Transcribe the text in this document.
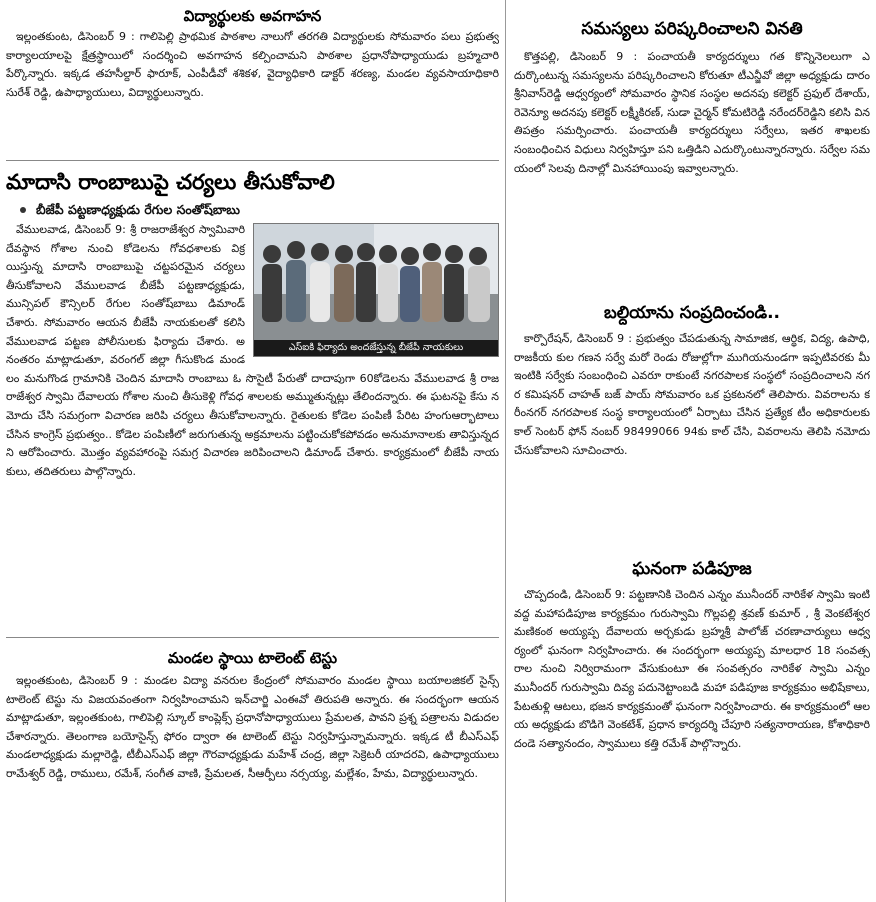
విద్యార్థులకు అవగాహన

ఇల్లంతకుంట, డిసెంబర్ 9 : గాలిపెల్లి ప్రాథమిక పాఠశాల నాలుగో తరగతి విద్యార్థులకు సోమవారం పలు ప్రభుత్వ కార్యాలయాలపై క్షేత్రస్థాయిలో సందర్శించి అవగాహన కల్పించామని పాఠశాల ప్రధానోపాధ్యాయుడు బ్రహ్మచారి పేర్కొన్నారు. ఇక్కడ తహసీల్దార్ ఫారూక్, ఎంపీడీవో శశికళ, వైద్యాధికారి డాక్టర్ శరణ్య, మండల వ్యవసాయాధికారి సురేశ్ రెడ్డి, ఉపాధ్యాయులు, విద్యార్థులున్నారు.

మాదాసి రాంబాబుపై చర్యలు తీసుకోవాలి
బీజేపీ పట్టణాధ్యక్షుడు రేగుల సంతోష్‌బాబు
ఎస్‌ఐకి ఫిర్యాదు అందజేస్తున్న బీజేపీ నాయకులు

వేములవాడ, డిసెంబర్ 9: శ్రీ రాజరాజేశ్వర స్వామివారి దేవస్థాన గోశాల నుంచి కోడెలను గోవధశాలకు విక్రయిస్తున్న మాదాసి రాంబాబుపై చట్టపరమైన చర్యలు తీసుకోవాలని వేములవాడ బీజేపీ పట్టణాధ్యక్షుడు, మున్సిపల్ కౌన్సిలర్ రేగుల సంతోష్‌బాబు డిమాండ్ చేశారు. సోమవారం ఆయన బీజేపీ నాయకులతో కలిసి వేములవాడ పట్టణ పోలీసులకు ఫిర్యాదు చేశారు. అనంతరం మాట్లాడుతూ, వరంగల్ జిల్లా గీసుకొండ మండలం మనుగొండ గ్రామానికి చెందిన మాదాసి రాంబాబు ఓ సొసైటీ పేరుతో దాదాపుగా 60కోడెలను వేములవాడ శ్రీ రాజరాజేశ్వర స్వామి దేవాలయ గోశాల నుంచి తీసుకెళ్లి గోవధ శాలలకు అమ్ముతున్నట్లు తేలిందన్నారు. ఈ ఘటనపై కేసు నమోదు చేసి సమగ్రంగా విచారణ జరిపి చర్యలు తీసుకోవాలన్నారు. రైతులకు కోడెల పంపిణీ పేరిట హంగుఆర్భాటాలు చేసిన కాంగ్రెస్ ప్రభుత్వం.. కోడెల పంపిణీలో జరుగుతున్న అక్రమాలను పట్టించుకోకపోవడం అనుమానాలకు తావిస్తున్నదని ఆరోపించారు. మొత్తం వ్యవహారంపై సమగ్ర విచారణ జరిపించాలని డిమాండ్ చేశారు. కార్యక్రమంలో బీజేపీ నాయకులు, తదితరులు పాల్గొన్నారు.

మండల స్థాయి టాలెంట్ టెస్టు

ఇల్లంతకుంట, డిసెంబర్ 9 : మండల విద్యా వనరుల కేంద్రంలో సోమవారం మండల స్థాయి బయాలజికల్ సైన్స్ టాలెంట్ టెస్టు ను విజయవంతంగా నిర్వహించామని ఇన్‌చార్జి ఎంఈవో తిరుపతి అన్నారు. ఈ సందర్భంగా ఆయన మాట్లాడుతూ, ఇల్లంతకుంట, గాలిపెల్లి స్కూల్ కాంప్లెక్స్ ప్రధానోపాధ్యాయులు ప్రేమలత, పావని ప్రశ్న పత్రాలను విడుదల చేశారన్నారు. తెలంగాణ బయోసైన్స్ ఫోరం ద్వారా ఈ టాలెంట్ టెస్టు నిర్వహిస్తున్నామన్నారు. ఇక్కడ టీ బీఎస్‌ఎఫ్ మండలాధ్యక్షుడు మల్లారెడ్డి, టీబీఎస్‌ఎఫ్ జిల్లా గౌరవాధ్యక్షుడు మహేశ్ చంద్ర, జిల్లా సెక్రెటరీ యాదరవి, ఉపాధ్యాయులు రామేశ్వర్ రెడ్డి, రాములు, రమేశ్, సంగీత వాణి, ప్రేమలత, సీఆర్పీలు నర్సయ్య, మల్లేశం, హేమ, విద్యార్థులున్నారు.

సమస్యలు పరిష్కరించాలని వినతి

కొత్తపల్లి, డిసెంబర్ 9 : పంచాయతీ కార్యదర్శులు గత కొన్నినెలలుగా ఎదుర్కొంటున్న సమస్యలను పరిష్కరించాలని కోరుతూ టీఎన్జీవో జిల్లా అధ్యక్షుడు దారం శ్రీనివాస్‌రెడ్డి ఆధ్వర్యంలో సోమవారం స్థానిక సంస్థల అదనపు కలెక్టర్ ప్రఫుల్ దేశాయ్, రెవెన్యూ అదనపు కలెక్టర్ లక్ష్మీకిరణ్, సుడా చైర్మన్ కోమటిరెడ్డి నరేందర్‌రెడ్డిని కలిసి వినతిపత్రం సమర్పించారు. పంచాయతీ కార్యదర్శులు సర్వేలు, ఇతర శాఖలకు సంబంధించిన విధులు నిర్వహిస్తూ పని ఒత్తిడిని ఎదుర్కొంటున్నారన్నారు. సర్వేల సమయంలో సెలవు దినాల్లో మినహాయింపు ఇవ్వాలన్నారు.

బల్దియాను సంప్రదించండి..

కార్పొరేషన్, డిసెంబర్ 9 : ప్రభుత్వం చేపడుతున్న సామాజిక, ఆర్థిక, విద్య, ఉపాధి, రాజకీయ కుల గణన సర్వే మరో రెండు రోజుల్లోగా ముగియనుండగా ఇప్పటివరకు మీ ఇంటికి సర్వేకు సంబంధించి ఎవరూ రాకుంటే నగరపాలక సంస్థలో సంప్రదించాలని నగర కమిషనర్ చాహత్ బజ్ పాయ్ సోమవారం ఒక ప్రకటనలో తెలిపారు. వివరాలను కరీంనగర్ నగరపాలక సంస్థ కార్యాలయంలో ఏర్పాటు చేసిన ప్రత్యేక టీం అధికారులకు కాల్ సెంటర్ ఫోన్ నంబర్ 98499066 94కు కాల్ చేసి, వివరాలను తెలిపి నమోదు చేసుకోవాలని సూచించారు.

ఘనంగా పడిపూజ

చొప్పదండి, డిసెంబర్ 9: పట్టణానికి చెందిన ఎన్నం మునీందర్ నారికేళ స్వామి ఇంటి వద్ద మహాపడిపూజ కార్యక్రమం గురుస్వామి గొల్లపల్లి శ్రవణ్ కుమార్ , శ్రీ వెంకటేశ్వర మణికంఠ అయ్యప్ప దేవాలయ అర్చకుడు బ్రహ్మశ్రీ పాలోజ్ చరణాచార్యులు ఆధ్వర్యంలో ఘనంగా నిర్వహించారు. ఈ సందర్భంగా అయ్యప్ప మాలధార 18 సంవత్సరాల నుంచి నిర్విరామంగా వేసుకుంటూ ఈ సంవత్సరం నారికేళ స్వామి ఎన్నం మునీందర్ గురుస్వామి దివ్య పదునెట్టాంబడి మహా పడిపూజ కార్యక్రమం అభిషేకాలు, పేటతుళ్లి ఆటలు, భజన కార్యక్రమంతో ఘనంగా నిర్వహించారు. ఈ కార్యక్రమంలో ఆలయ అధ్యక్షుడు బొడిగె వెంకటేశ్, ప్రధాన కార్యదర్శి చేపూరి సత్యనారాయణ, కోశాధికారి దండె సత్యానందం, స్వాములు కత్తి రమేశ్ పాల్గొన్నారు.
